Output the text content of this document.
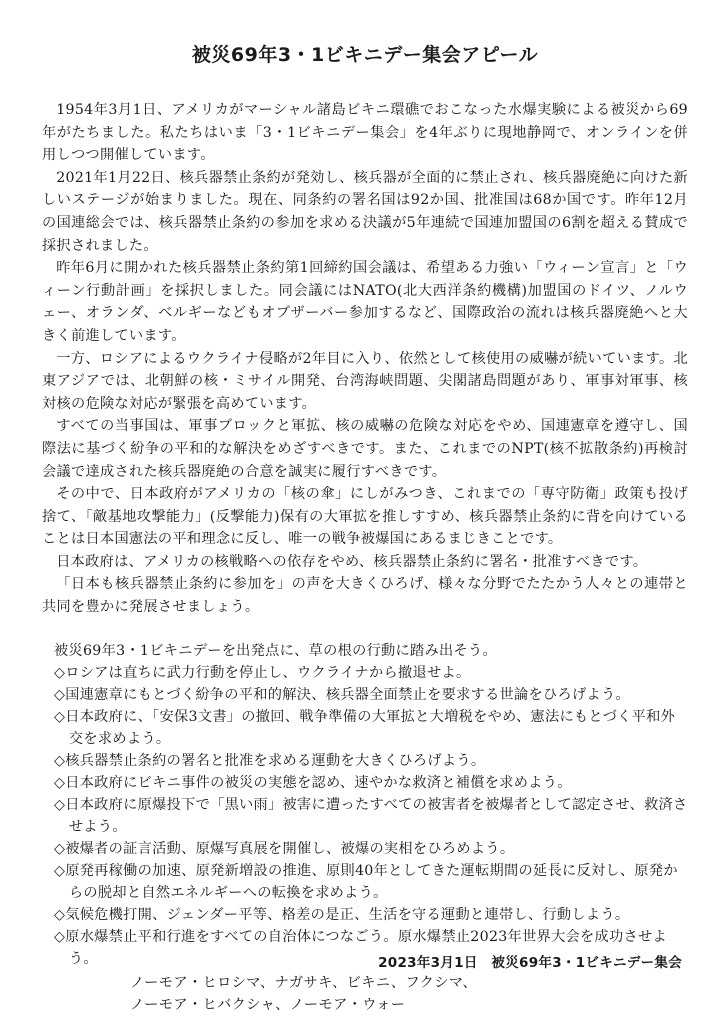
被災69年3・1ビキニデー集会アピール

1954年3月1日、アメリカがマーシャル諸島ビキニ環礁でおこなった水爆実験による被災から69年がたちました。私たちはいま「3・1ビキニデー集会」を4年ぶりに現地静岡で、オンラインを併用しつつ開催しています。

2021年1月22日、核兵器禁止条約が発効し、核兵器が全面的に禁止され、核兵器廃絶に向けた新しいステージが始まりました。現在、同条約の署名国は92か国、批准国は68か国です。昨年12月の国連総会では、核兵器禁止条約の参加を求める決議が5年連続で国連加盟国の6割を超える賛成で採択されました。

昨年6月に開かれた核兵器禁止条約第1回締約国会議は、希望ある力強い「ウィーン宣言」と「ウィーン行動計画」を採択しました。同会議にはNATO(北大西洋条約機構)加盟国のドイツ、ノルウェー、オランダ、ベルギーなどもオブザーバー参加するなど、国際政治の流れは核兵器廃絶へと大きく前進しています。

一方、ロシアによるウクライナ侵略が2年目に入り、依然として核使用の威嚇が続いています。北東アジアでは、北朝鮮の核・ミサイル開発、台湾海峡問題、尖閣諸島問題があり、軍事対軍事、核対核の危険な対応が緊張を高めています。

すべての当事国は、軍事ブロックと軍拡、核の威嚇の危険な対応をやめ、国連憲章を遵守し、国際法に基づく紛争の平和的な解決をめざすべきです。また、これまでのNPT(核不拡散条約)再検討会議で達成された核兵器廃絶の合意を誠実に履行すべきです。

その中で、日本政府がアメリカの「核の傘」にしがみつき、これまでの「専守防衛」政策も投げ捨て、「敵基地攻撃能力」(反撃能力)保有の大軍拡を推しすすめ、核兵器禁止条約に背を向けていることは日本国憲法の平和理念に反し、唯一の戦争被爆国にあるまじきことです。

日本政府は、アメリカの核戦略への依存をやめ、核兵器禁止条約に署名・批准すべきです。

「日本も核兵器禁止条約に参加を」の声を大きくひろげ、様々な分野でたたかう人々との連帯と共同を豊かに発展させましょう。

被災69年3・1ビキニデーを出発点に、草の根の行動に踏み出そう。

◇ロシアは直ちに武力行動を停止し、ウクライナから撤退せよ。
◇国連憲章にもとづく紛争の平和的解決、核兵器全面禁止を要求する世論をひろげよう。
◇日本政府に、「安保3文書」の撤回、戦争準備の大軍拡と大増税をやめ、憲法にもとづく平和外交を求めよう。
◇核兵器禁止条約の署名と批准を求める運動を大きくひろげよう。
◇日本政府にビキニ事件の被災の実態を認め、速やかな救済と補償を求めよう。
◇日本政府に原爆投下で「黒い雨」被害に遭ったすべての被害者を被爆者として認定させ、救済させよう。
◇被爆者の証言活動、原爆写真展を開催し、被爆の実相をひろめよう。
◇原発再稼働の加速、原発新増設の推進、原則40年としてきた運転期間の延長に反対し、原発からの脱却と自然エネルギーへの転換を求めよう。
◇気候危機打開、ジェンダー平等、格差の是正、生活を守る運動と連帯し、行動しよう。
◇原水爆禁止平和行進をすべての自治体につなごう。原水爆禁止2023年世界大会を成功させよう。
ノーモア・ヒロシマ、ナガサキ、ビキニ、フクシマ、
ノーモア・ヒバクシャ、ノーモア・ウォー
2023年3月1日　被災69年3・1ビキニデー集会
